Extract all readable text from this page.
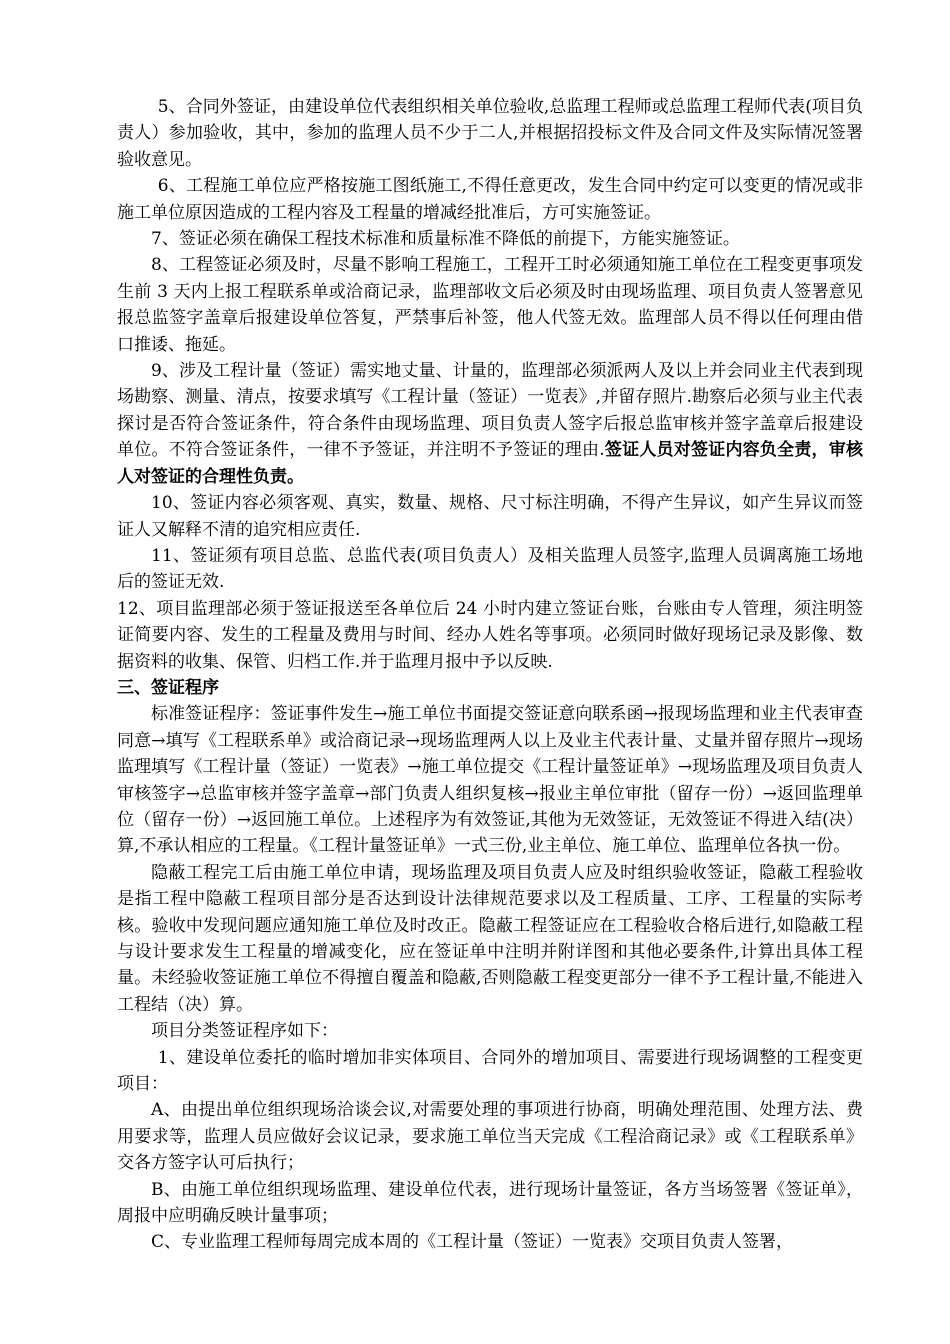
5、合同外签证，由建设单位代表组织相关单位验收,总监理工程师或总监理工程师代表(项目负责人）参加验收，其中，参加的监理人员不少于二人,并根据招投标文件及合同文件及实际情况签署验收意见。

6、工程施工单位应严格按施工图纸施工,不得任意更改，发生合同中约定可以变更的情况或非施工单位原因造成的工程内容及工程量的增减经批准后，方可实施签证。

7、签证必须在确保工程技术标准和质量标准不降低的前提下，方能实施签证。

8、工程签证必须及时，尽量不影响工程施工，工程开工时必须通知施工单位在工程变更事项发生前 3 天内上报工程联系单或洽商记录，监理部收文后必须及时由现场监理、项目负责人签署意见报总监签字盖章后报建设单位答复，严禁事后补签，他人代签无效。监理部人员不得以任何理由借口推诿、拖延。

9、涉及工程计量（签证）需实地丈量、计量的，监理部必须派两人及以上并会同业主代表到现场勘察、测量、清点，按要求填写《工程计量（签证）一览表》,并留存照片.勘察后必须与业主代表探讨是否符合签证条件，符合条件由现场监理、项目负责人签字后报总监审核并签字盖章后报建设单位。不符合签证条件，一律不予签证，并注明不予签证的理由.签证人员对签证内容负全责，审核人对签证的合理性负责。

10、签证内容必须客观、真实，数量、规格、尺寸标注明确，不得产生异议，如产生异议而签证人又解释不清的追究相应责任.

11、签证须有项目总监、总监代表(项目负责人）及相关监理人员签字,监理人员调离施工场地后的签证无效.

12、项目监理部必须于签证报送至各单位后 24 小时内建立签证台账，台账由专人管理，须注明签证简要内容、发生的工程量及费用与时间、经办人姓名等事项。必须同时做好现场记录及影像、数据资料的收集、保管、归档工作.并于监理月报中予以反映.

三、签证程序

标准签证程序：签证事件发生→施工单位书面提交签证意向联系函→报现场监理和业主代表审查同意→填写《工程联系单》或洽商记录→现场监理两人以上及业主代表计量、丈量并留存照片→现场监理填写《工程计量（签证）一览表》→施工单位提交《工程计量签证单》→现场监理及项目负责人审核签字→总监审核并签字盖章→部门负责人组织复核→报业主单位审批（留存一份）→返回监理单位（留存一份）→返回施工单位。上述程序为有效签证,其他为无效签证，无效签证不得进入结(决）算,不承认相应的工程量。《工程计量签证单》一式三份,业主单位、施工单位、监理单位各执一份。

隐蔽工程完工后由施工单位申请，现场监理及项目负责人应及时组织验收签证，隐蔽工程验收是指工程中隐蔽工程项目部分是否达到设计法律规范要求以及工程质量、工序、工程量的实际考核。验收中发现问题应通知施工单位及时改正。隐蔽工程签证应在工程验收合格后进行,如隐蔽工程与设计要求发生工程量的增减变化，应在签证单中注明并附详图和其他必要条件,计算出具体工程量。未经验收签证施工单位不得擅自覆盖和隐蔽,否则隐蔽工程变更部分一律不予工程计量,不能进入工程结（决）算。

项目分类签证程序如下：

1、建设单位委托的临时增加非实体项目、合同外的增加项目、需要进行现场调整的工程变更项目：

A、由提出单位组织现场洽谈会议,对需要处理的事项进行协商，明确处理范围、处理方法、费用要求等，监理人员应做好会议记录，要求施工单位当天完成《工程洽商记录》或《工程联系单》交各方签字认可后执行；

B、由施工单位组织现场监理、建设单位代表，进行现场计量签证，各方当场签署《签证单》，周报中应明确反映计量事项；

C、专业监理工程师每周完成本周的《工程计量（签证）一览表》交项目负责人签署，
